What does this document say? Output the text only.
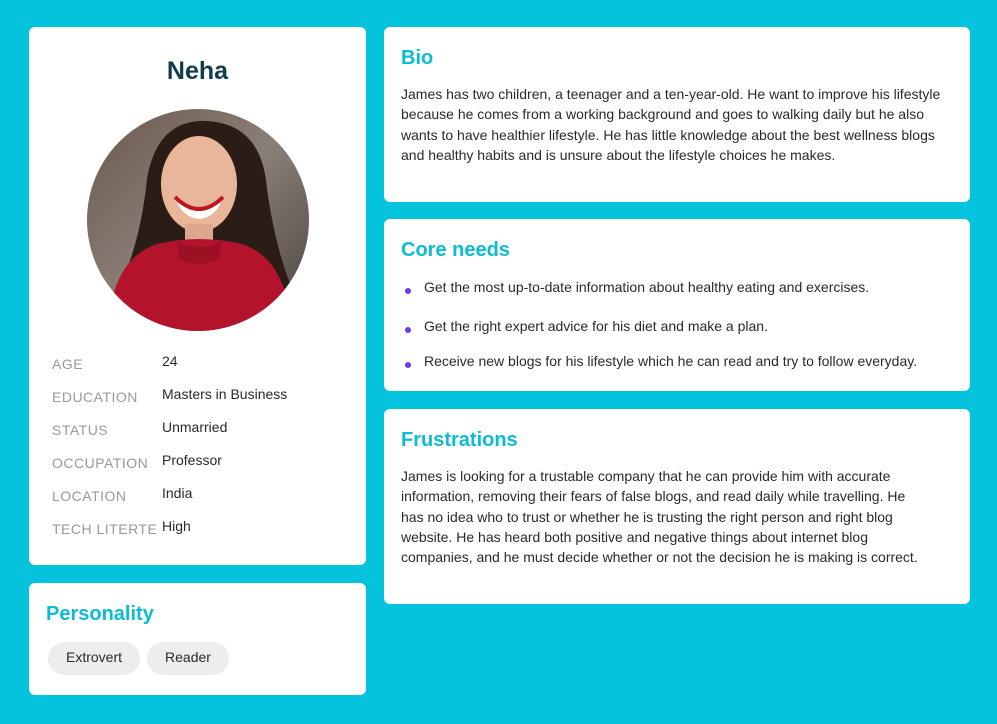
Neha
AGE	24
EDUCATION Masters in Business
STATUS	Unmarried
OCCUPATION Professor
LOCATION	India
TECH LITERTE High
Personality
Extrovert	Reader
Bio

James has two children, a teenager and a ten-year-old. He want to improve his lifestyle because he comes from a working background and goes to walking daily but he also wants to have healthier lifestyle. He has little knowledge about the best wellness blogs and healthy habits and is unsure about the lifestyle choices he makes.

Core needs
Get the most up-to-date information about healthy eating and exercises.
Get the right expert advice for his diet and make a plan.
Receive new blogs for his lifestyle which he can read and try to follow everyday.
Frustrations

James is looking for a trustable company that he can provide him with accurate information, removing their fears of false blogs, and read daily while travelling. He has no idea who to trust or whether he is trusting the right person and right blog website. He has heard both positive and negative things about internet blog companies, and he must decide whether or not the decision he is making is correct.
